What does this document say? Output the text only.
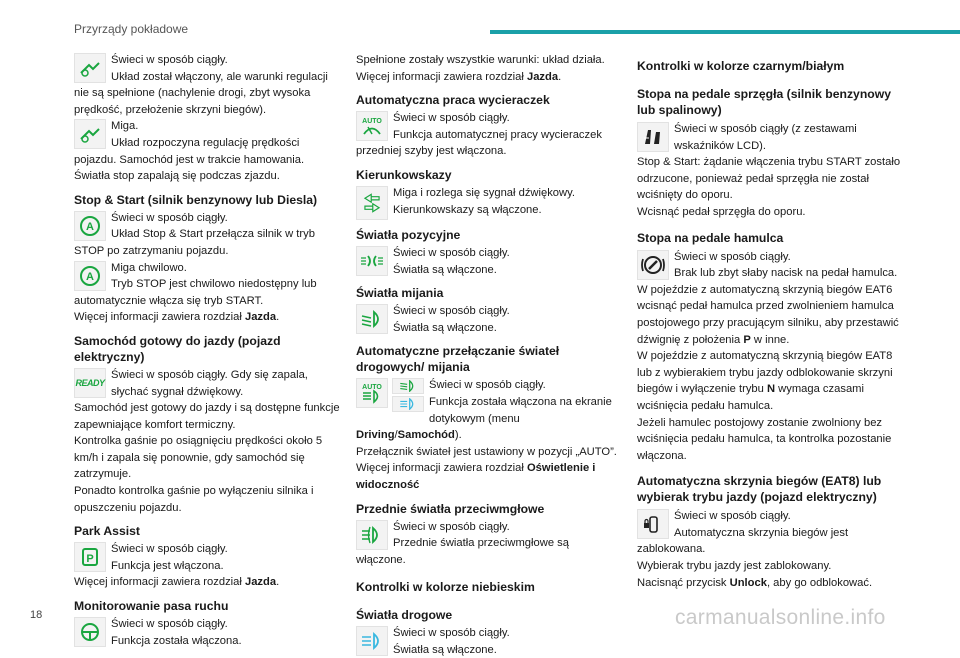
Przyrządy pokładowe

Świeci w sposób ciągły.
Układ został włączony, ale warunki regulacji nie są spełnione (nachylenie drogi, zbyt wysoka prędkość, przełożenie skrzyni biegów).

Miga.
Układ rozpoczyna regulację prędkości pojazdu. Samochód jest w trakcie hamowania. Światła stop zapalają się podczas zjazdu.

Stop & Start (silnik benzynowy lub Diesla)
A

Świeci w sposób ciągły.
Układ Stop & Start przełącza silnik w tryb STOP po zatrzymaniu pojazdu.

A

Miga chwilowo.
Tryb STOP jest chwilowo niedostępny lub automatycznie włącza się tryb START.
Więcej informacji zawiera rozdział Jazda.

Samochód gotowy do jazdy (pojazd elektryczny)
READY

Świeci w sposób ciągły. Gdy się zapala, słychać sygnał dźwiękowy.
Samochód jest gotowy do jazdy i są dostępne funkcje zapewniające komfort termiczny.
Kontrolka gaśnie po osiągnięciu prędkości około 5 km/h i zapala się ponownie, gdy samochód się zatrzymuje.
Ponadto kontrolka gaśnie po wyłączeniu silnika i opuszczeniu pojazdu.

Park Assist
P

Świeci w sposób ciągły.
Funkcja jest włączona.
Więcej informacji zawiera rozdział Jazda.

Monitorowanie pasa ruchu

Świeci w sposób ciągły.
Funkcja została włączona.

Spełnione zostały wszystkie warunki: układ działa.
Więcej informacji zawiera rozdział Jazda.

Automatyczna praca wycieraczek
AUTO Świeci w sposób ciągły.
Funkcja automatycznej pracy wycieraczek przedniej szyby jest włączona.

Kierunkowskazy

Miga i rozlega się sygnał dźwiękowy.
Kierunkowskazy są włączone.

Światła pozycyjne

Świeci w sposób ciągły.
Światła są włączone.

Światła mijania

Świeci w sposób ciągły.
Światła są włączone.

Automatyczne przełączanie świateł drogowych/ mijania
AUTO	Świeci w sposób ciągły.
Funkcja została włączona na ekranie dotykowym (menu Driving/Samochód).
Przełącznik świateł jest ustawiony w pozycji „AUTO”.
Więcej informacji zawiera rozdział Oświetlenie i widoczność

Przednie światła przeciwmgłowe

Świeci w sposób ciągły.
Przednie światła przeciwmgłowe są włączone.

Kontrolki w kolorze niebieskim
Światła drogowe

Świeci w sposób ciągły.
Światła są włączone.

Kontrolki w kolorze czarnym/białym
Stopa na pedale sprzęgła (silnik benzynowy lub spalinowy)

Świeci w sposób ciągły (z zestawami wskaźników LCD).
Stop & Start: żądanie włączenia trybu START zostało odrzucone, ponieważ pedał sprzęgła nie został wciśnięty do oporu.
Wcisnąć pedał sprzęgła do oporu.

Stopa na pedale hamulca

Świeci w sposób ciągły.
Brak lub zbyt słaby nacisk na pedał hamulca.
W pojeździe z automatyczną skrzynią biegów EAT6 wcisnąć pedał hamulca przed zwolnieniem hamulca postojowego przy pracującym silniku, aby przestawić dźwignię z położenia P w inne.
W pojeździe z automatyczną skrzynią biegów EAT8 lub z wybierakiem trybu jazdy odblokowanie skrzyni biegów i wyłączenie trybu N wymaga czasami wciśnięcia pedału hamulca.
Jeżeli hamulec postojowy zostanie zwolniony bez wciśnięcia pedału hamulca, ta kontrolka pozostanie włączona.

Automatyczna skrzynia biegów (EAT8) lub wybierak trybu jazdy (pojazd elektryczny)

Świeci w sposób ciągły.
Automatyczna skrzynia biegów jest zablokowana.
Wybierak trybu jazdy jest zablokowany.
Nacisnąć przycisk Unlock, aby go odblokować.

18	carmanualsonline.info
